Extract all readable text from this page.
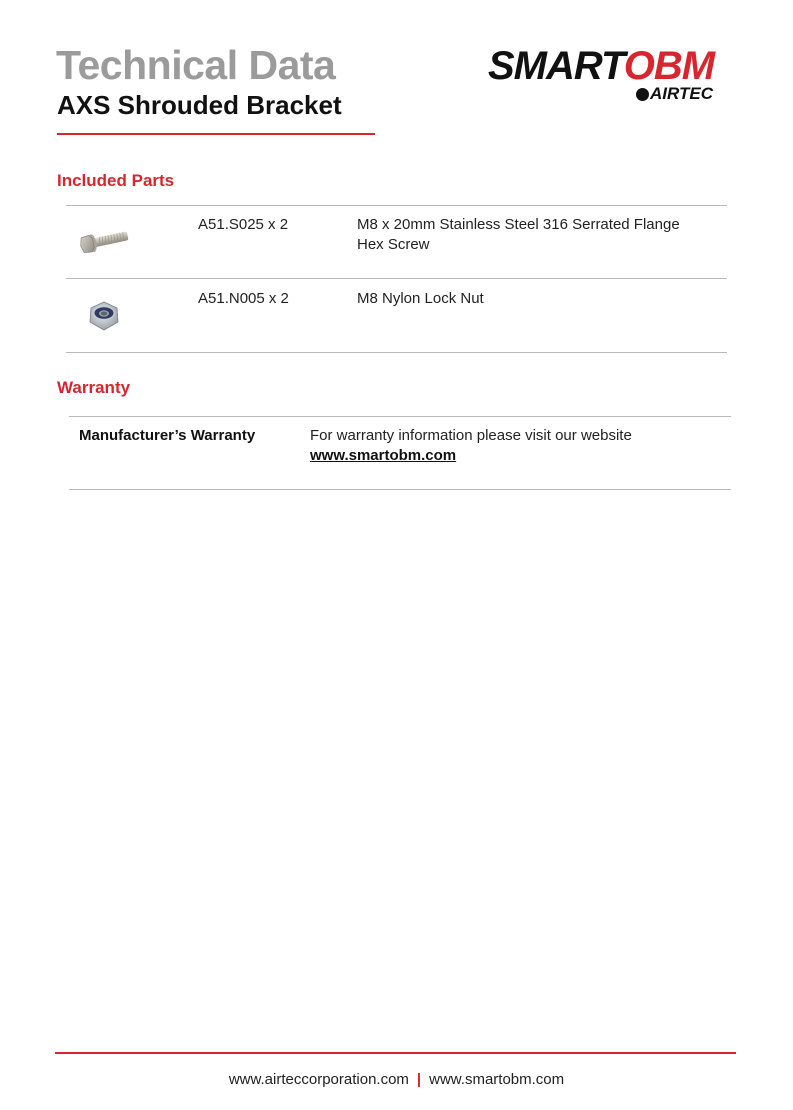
Technical Data
AXS Shrouded Bracket
SMARTOBM
AIRTEC
Included Parts
A51.S025 x 2	M8 x 20mm Stainless Steel 316 Serrated Flange Hex Screw
A51.N005 x 2	M8 Nylon Lock Nut
Warranty
Manufacturer’s Warranty	For warranty information please visit our website
www.smartobm.com
www.airteccorporation.com | www.smartobm.com
